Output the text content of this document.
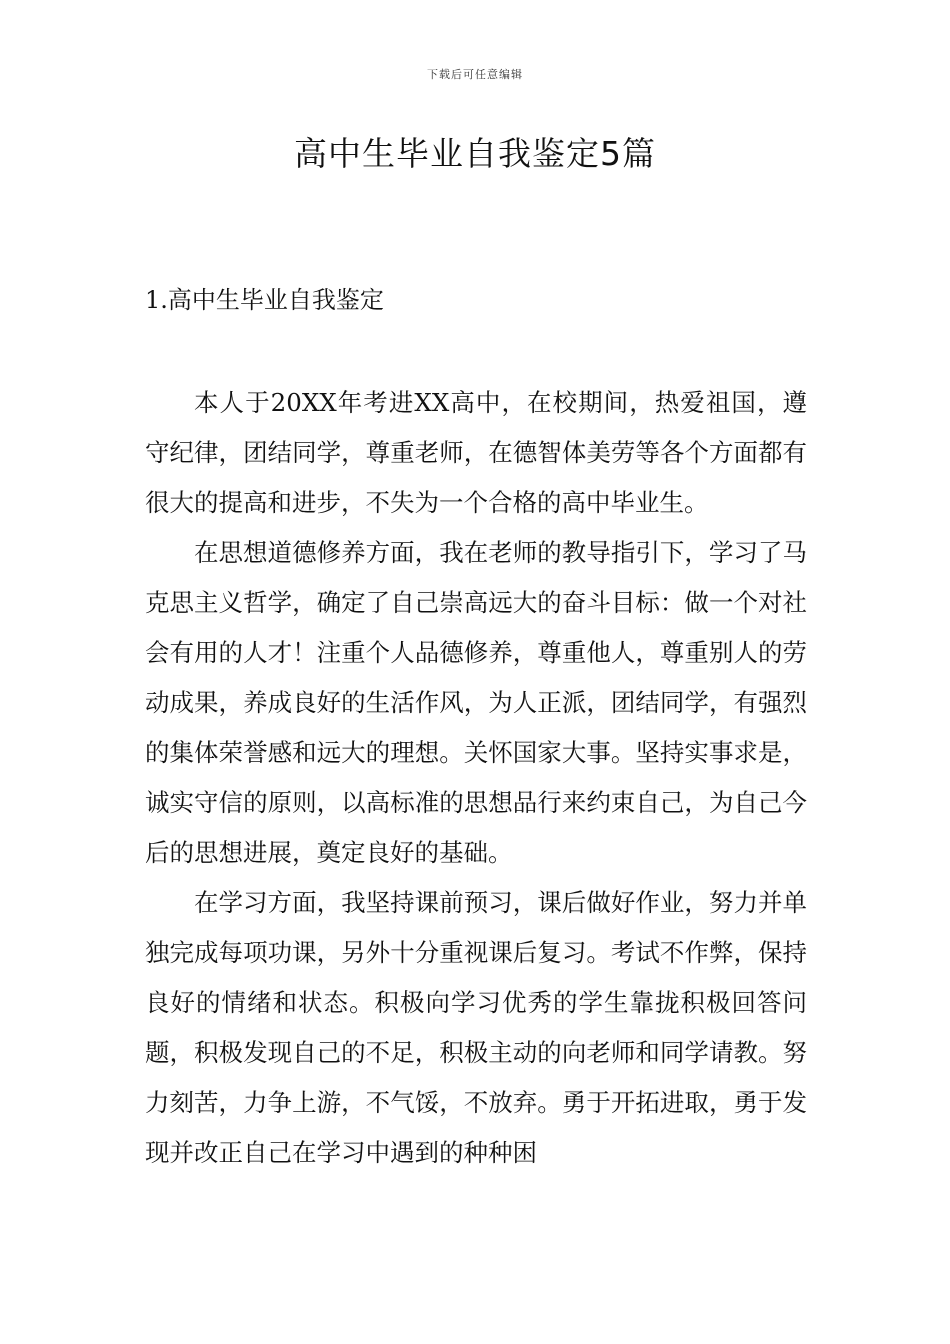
下载后可任意编辑
高中生毕业自我鉴定5篇
1.高中生毕业自我鉴定

本人于20XX年考进XX高中，在校期间，热爱祖国，遵守纪律，团结同学，尊重老师，在德智体美劳等各个方面都有很大的提高和进步，不失为一个合格的高中毕业生。

在思想道德修养方面，我在老师的教导指引下，学习了马克思主义哲学，确定了自己崇高远大的奋斗目标：做一个对社会有用的人才！注重个人品德修养，尊重他人，尊重别人的劳动成果，养成良好的生活作风，为人正派，团结同学，有强烈的集体荣誉感和远大的理想。关怀国家大事。坚持实事求是，诚实守信的原则，以高标准的思想品行来约束自己，为自己今后的思想进展，奠定良好的基础。

在学习方面，我坚持课前预习，课后做好作业，努力并单独完成每项功课，另外十分重视课后复习。考试不作弊，保持良好的情绪和状态。积极向学习优秀的学生靠拢积极回答问题，积极发现自己的不足，积极主动的向老师和同学请教。努力刻苦，力争上游，不气馁，不放弃。勇于开拓进取，勇于发现并改正自己在学习中遇到的种种困
